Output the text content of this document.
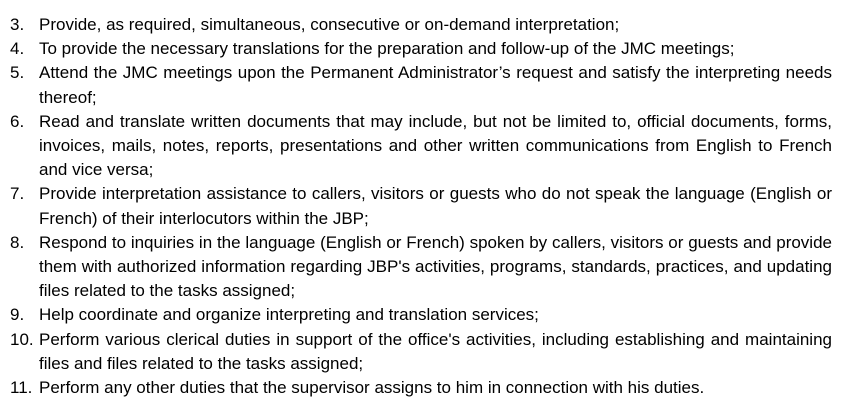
3. Provide, as required, simultaneous, consecutive or on-demand interpretation;
4. To provide the necessary translations for the preparation and follow-up of the JMC meetings;
5. Attend the JMC meetings upon the Permanent Administrator’s request and satisfy the interpreting needs thereof;
6. Read and translate written documents that may include, but not be limited to, official documents, forms, invoices, mails, notes, reports, presentations and other written communications from English to French and vice versa;
7. Provide interpretation assistance to callers, visitors or guests who do not speak the language (English or French) of their interlocutors within the JBP;
8. Respond to inquiries in the language (English or French) spoken by callers, visitors or guests and provide them with authorized information regarding JBP's activities, programs, standards, practices, and updating files related to the tasks assigned;
9. Help coordinate and organize interpreting and translation services;
10. Perform various clerical duties in support of the office's activities, including establishing and maintaining files and files related to the tasks assigned;
11. Perform any other duties that the supervisor assigns to him in connection with his duties.
